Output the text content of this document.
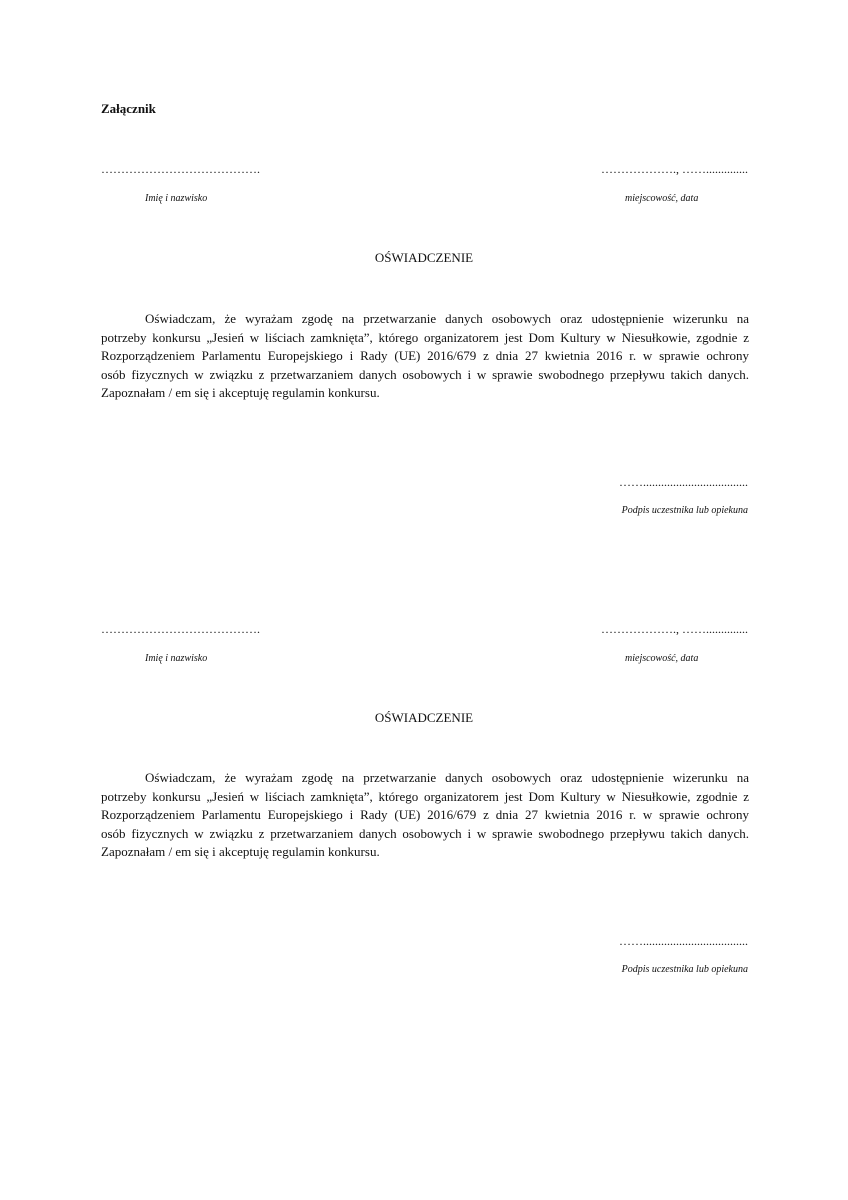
Załącznik
………………………………….	………………., ……..............
Imię i nazwisko	miejscowość, data
OŚWIADCZENIE
Oświadczam, że wyrażam zgodę na przetwarzanie danych osobowych oraz udostępnienie wizerunku na
potrzeby konkursu „Jesień w liściach zamknięta”, którego organizatorem jest Dom Kultury w Niesułkowie, zgodnie z
Rozporządzeniem Parlamentu Europejskiego i Rady (UE) 2016/679 z dnia 27 kwietnia 2016 r. w sprawie ochrony
osób fizycznych w związku z przetwarzaniem danych osobowych i w sprawie swobodnego przepływu takich danych.
Zapoznałam / em się i akceptuję regulamin konkursu.
……...................................
Podpis uczestnika lub opiekuna
………………………………….	………………., ……..............
Imię i nazwisko	miejscowość, data
OŚWIADCZENIE
Oświadczam, że wyrażam zgodę na przetwarzanie danych osobowych oraz udostępnienie wizerunku na
potrzeby konkursu „Jesień w liściach zamknięta”, którego organizatorem jest Dom Kultury w Niesułkowie, zgodnie z
Rozporządzeniem Parlamentu Europejskiego i Rady (UE) 2016/679 z dnia 27 kwietnia 2016 r. w sprawie ochrony
osób fizycznych w związku z przetwarzaniem danych osobowych i w sprawie swobodnego przepływu takich danych.
Zapoznałam / em się i akceptuję regulamin konkursu.
……...................................
Podpis uczestnika lub opiekuna
